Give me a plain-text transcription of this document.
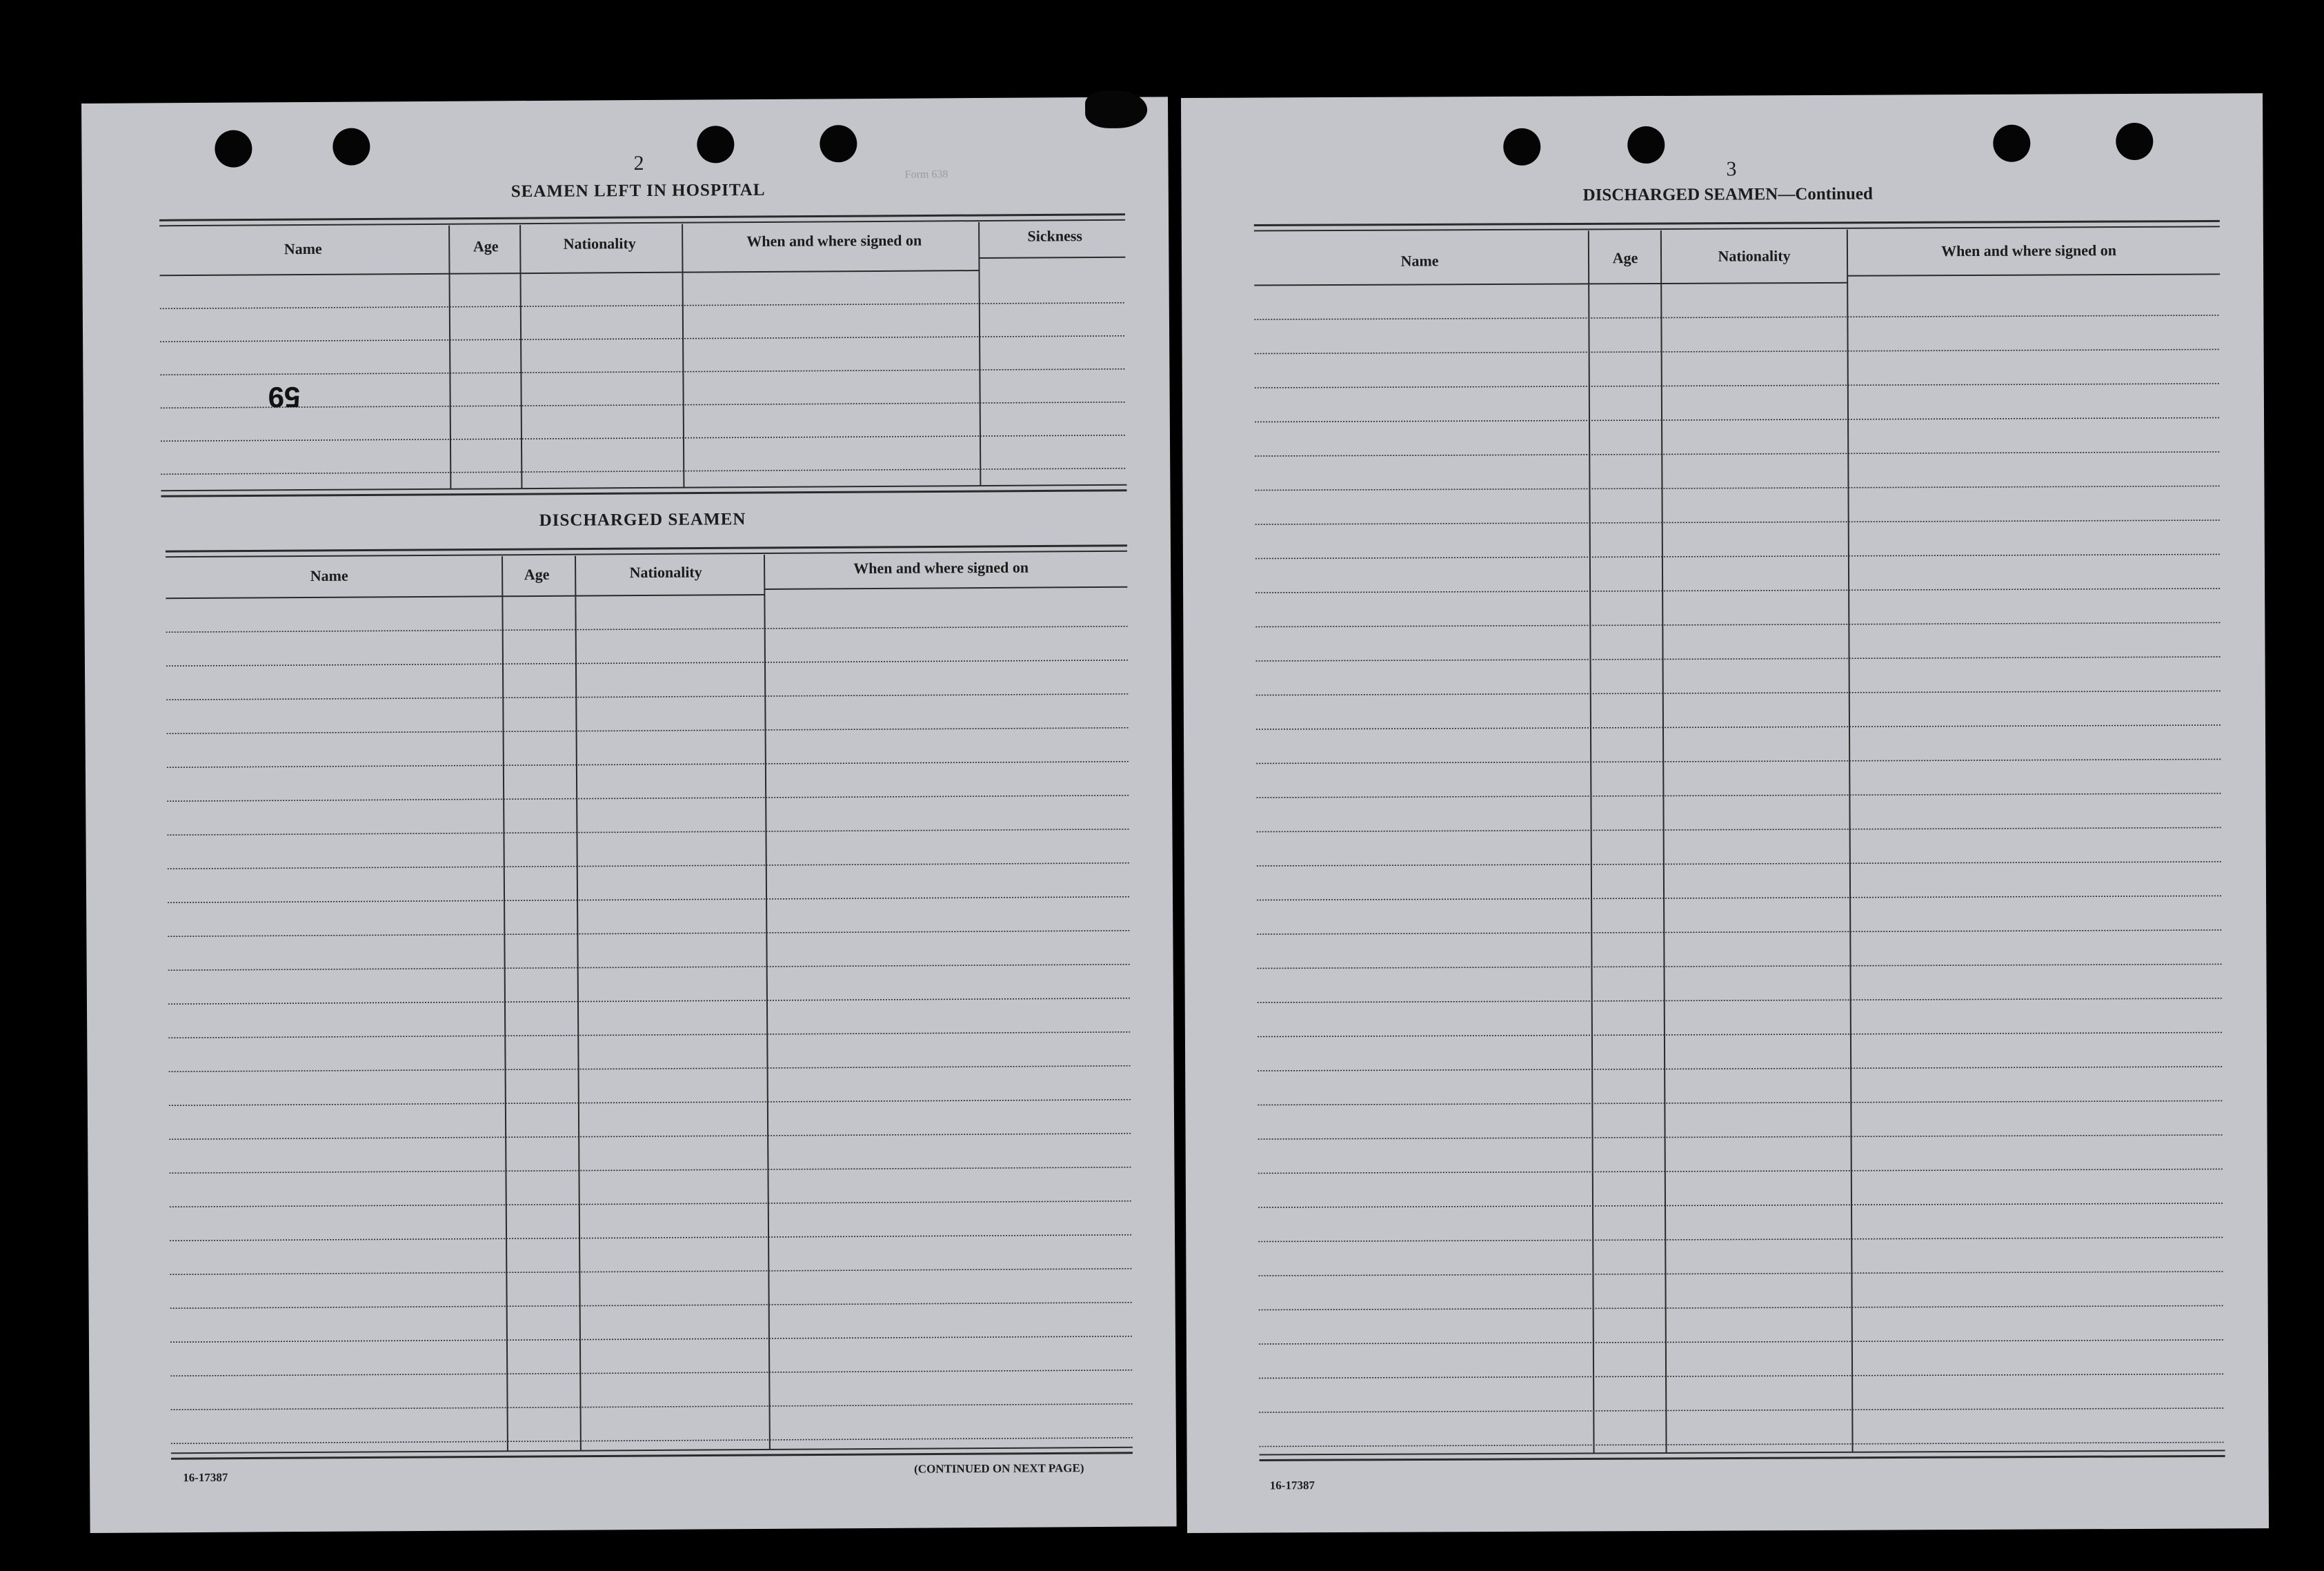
2	Form 638
SEAMEN LEFT IN HOSPITAL
Name	Age	Nationality	When and where signed on	Sickness
59
DISCHARGED SEAMEN
Name	Age	Nationality	When and where signed on
16-17387
(CONTINUED ON NEXT PAGE)
3
DISCHARGED SEAMEN—Continued
Name	Age	Nationality	When and where signed on
16-17387
